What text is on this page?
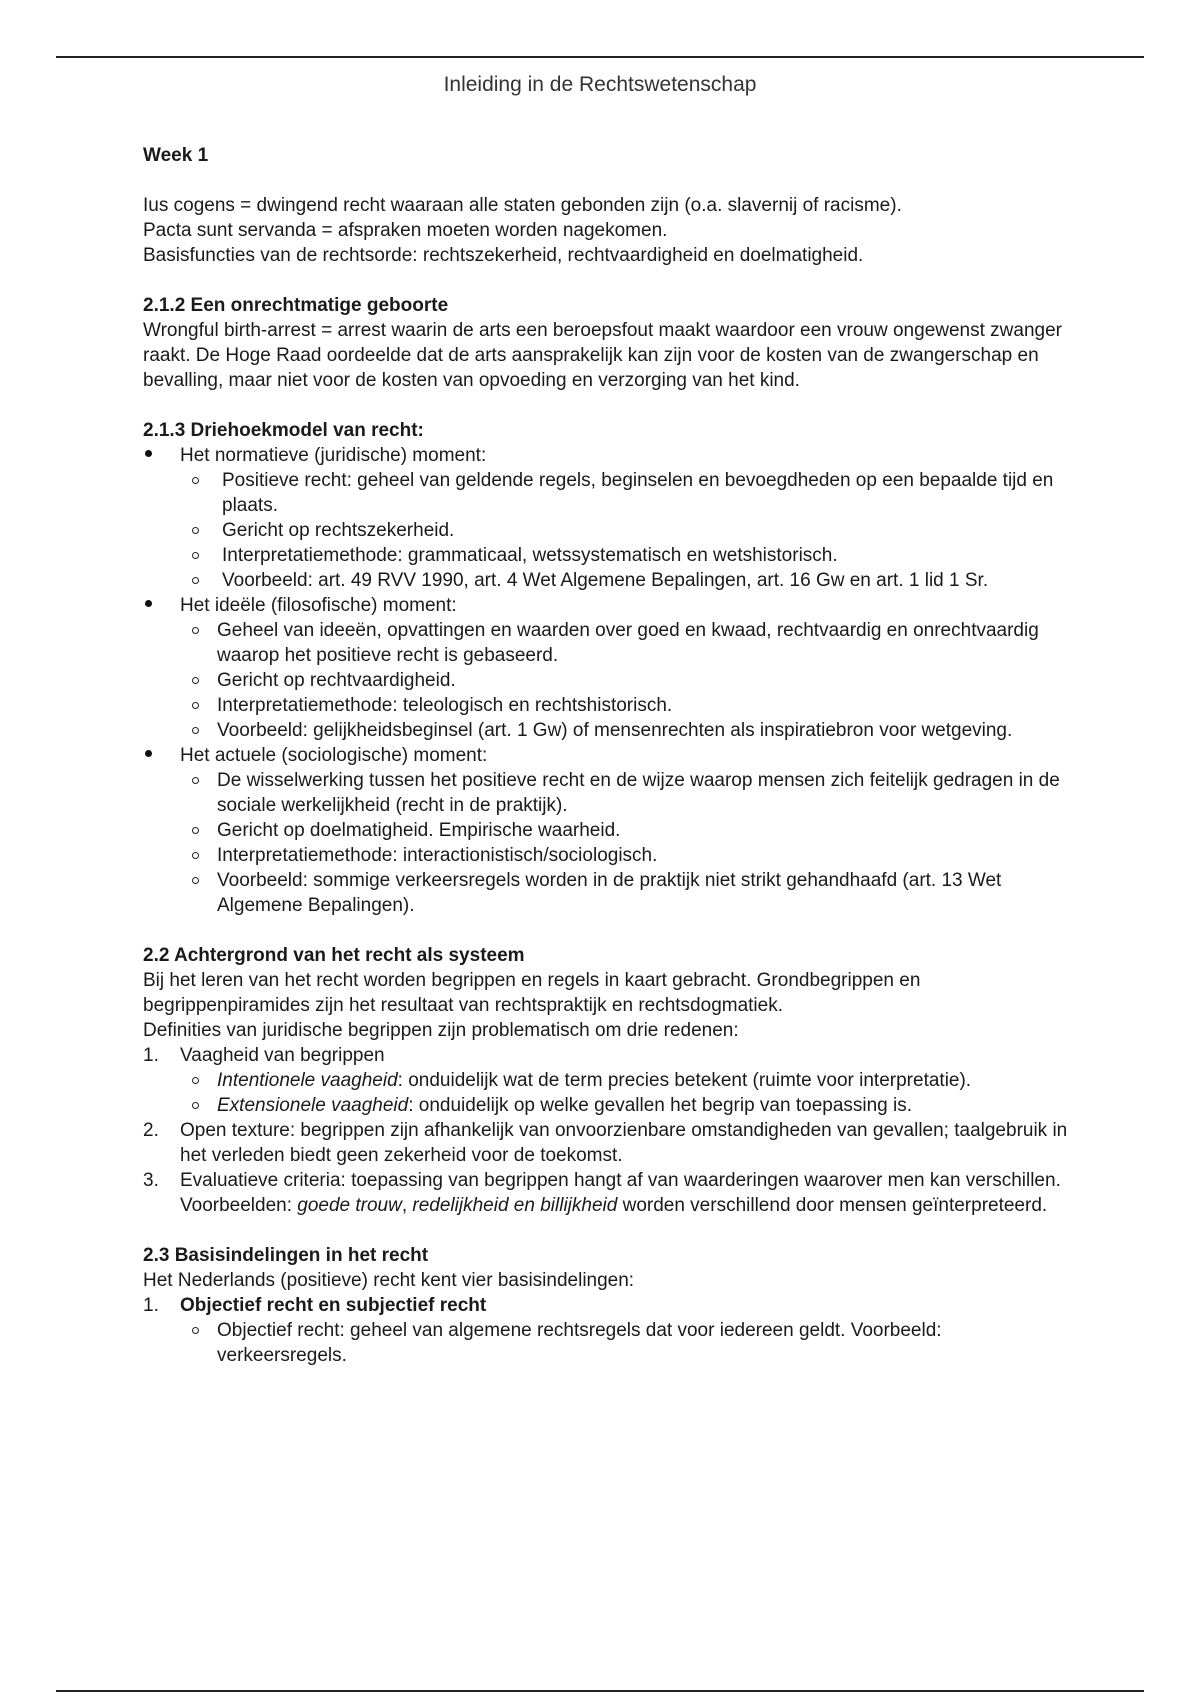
Inleiding in de Rechtswetenschap

Week 1

Ius cogens = dwingend recht waaraan alle staten gebonden zijn (o.a. slavernij of racisme).

Pacta sunt servanda = afspraken moeten worden nagekomen.

Basisfuncties van de rechtsorde: rechtszekerheid, rechtvaardigheid en doelmatigheid.

2.1.2 Een onrechtmatige geboorte

Wrongful birth-arrest = arrest waarin de arts een beroepsfout maakt waardoor een vrouw ongewenst zwanger raakt. De Hoge Raad oordeelde dat de arts aansprakelijk kan zijn voor de kosten van de zwangerschap en bevalling, maar niet voor de kosten van opvoeding en verzorging van het kind.

2.1.3 Driehoekmodel van recht:
Het normatieve (juridische) moment:
Positieve recht: geheel van geldende regels, beginselen en bevoegdheden op een bepaalde tijd en plaats.
Gericht op rechtszekerheid.
Interpretatiemethode: grammaticaal, wetssystematisch en wetshistorisch.
Voorbeeld: art. 49 RVV 1990, art. 4 Wet Algemene Bepalingen, art. 16 Gw en art. 1 lid 1 Sr.
Het ideële (filosofische) moment:
Geheel van ideeën, opvattingen en waarden over goed en kwaad, rechtvaardig en onrechtvaardig waarop het positieve recht is gebaseerd.
Gericht op rechtvaardigheid.
Interpretatiemethode: teleologisch en rechtshistorisch.
Voorbeeld: gelijkheidsbeginsel (art. 1 Gw) of mensenrechten als inspiratiebron voor wetgeving.
Het actuele (sociologische) moment:
De wisselwerking tussen het positieve recht en de wijze waarop mensen zich feitelijk gedragen in de sociale werkelijkheid (recht in de praktijk).
Gericht op doelmatigheid. Empirische waarheid.
Interpretatiemethode: interactionistisch/sociologisch.
Voorbeeld: sommige verkeersregels worden in de praktijk niet strikt gehandhaafd (art. 13 Wet Algemene Bepalingen).
2.2 Achtergrond van het recht als systeem

Bij het leren van het recht worden begrippen en regels in kaart gebracht. Grondbegrippen en begrippenpiramides zijn het resultaat van rechtspraktijk en rechtsdogmatiek.

Definities van juridische begrippen zijn problematisch om drie redenen:

1.	Vaagheid van begrippen
Intentionele vaagheid: onduidelijk wat de term precies betekent (ruimte voor interpretatie).
Extensionele vaagheid: onduidelijk op welke gevallen het begrip van toepassing is.
2.	Open texture: begrippen zijn afhankelijk van onvoorzienbare omstandigheden van gevallen; taalgebruik in het verleden biedt geen zekerheid voor de toekomst.
3.	Evaluatieve criteria: toepassing van begrippen hangt af van waarderingen waarover men kan verschillen. Voorbeelden: goede trouw, redelijkheid en billijkheid worden verschillend door mensen geïnterpreteerd.
2.3 Basisindelingen in het recht

Het Nederlands (positieve) recht kent vier basisindelingen:

1.	Objectief recht en subjectief recht
Objectief recht: geheel van algemene rechtsregels dat voor iedereen geldt. Voorbeeld: verkeersregels.
